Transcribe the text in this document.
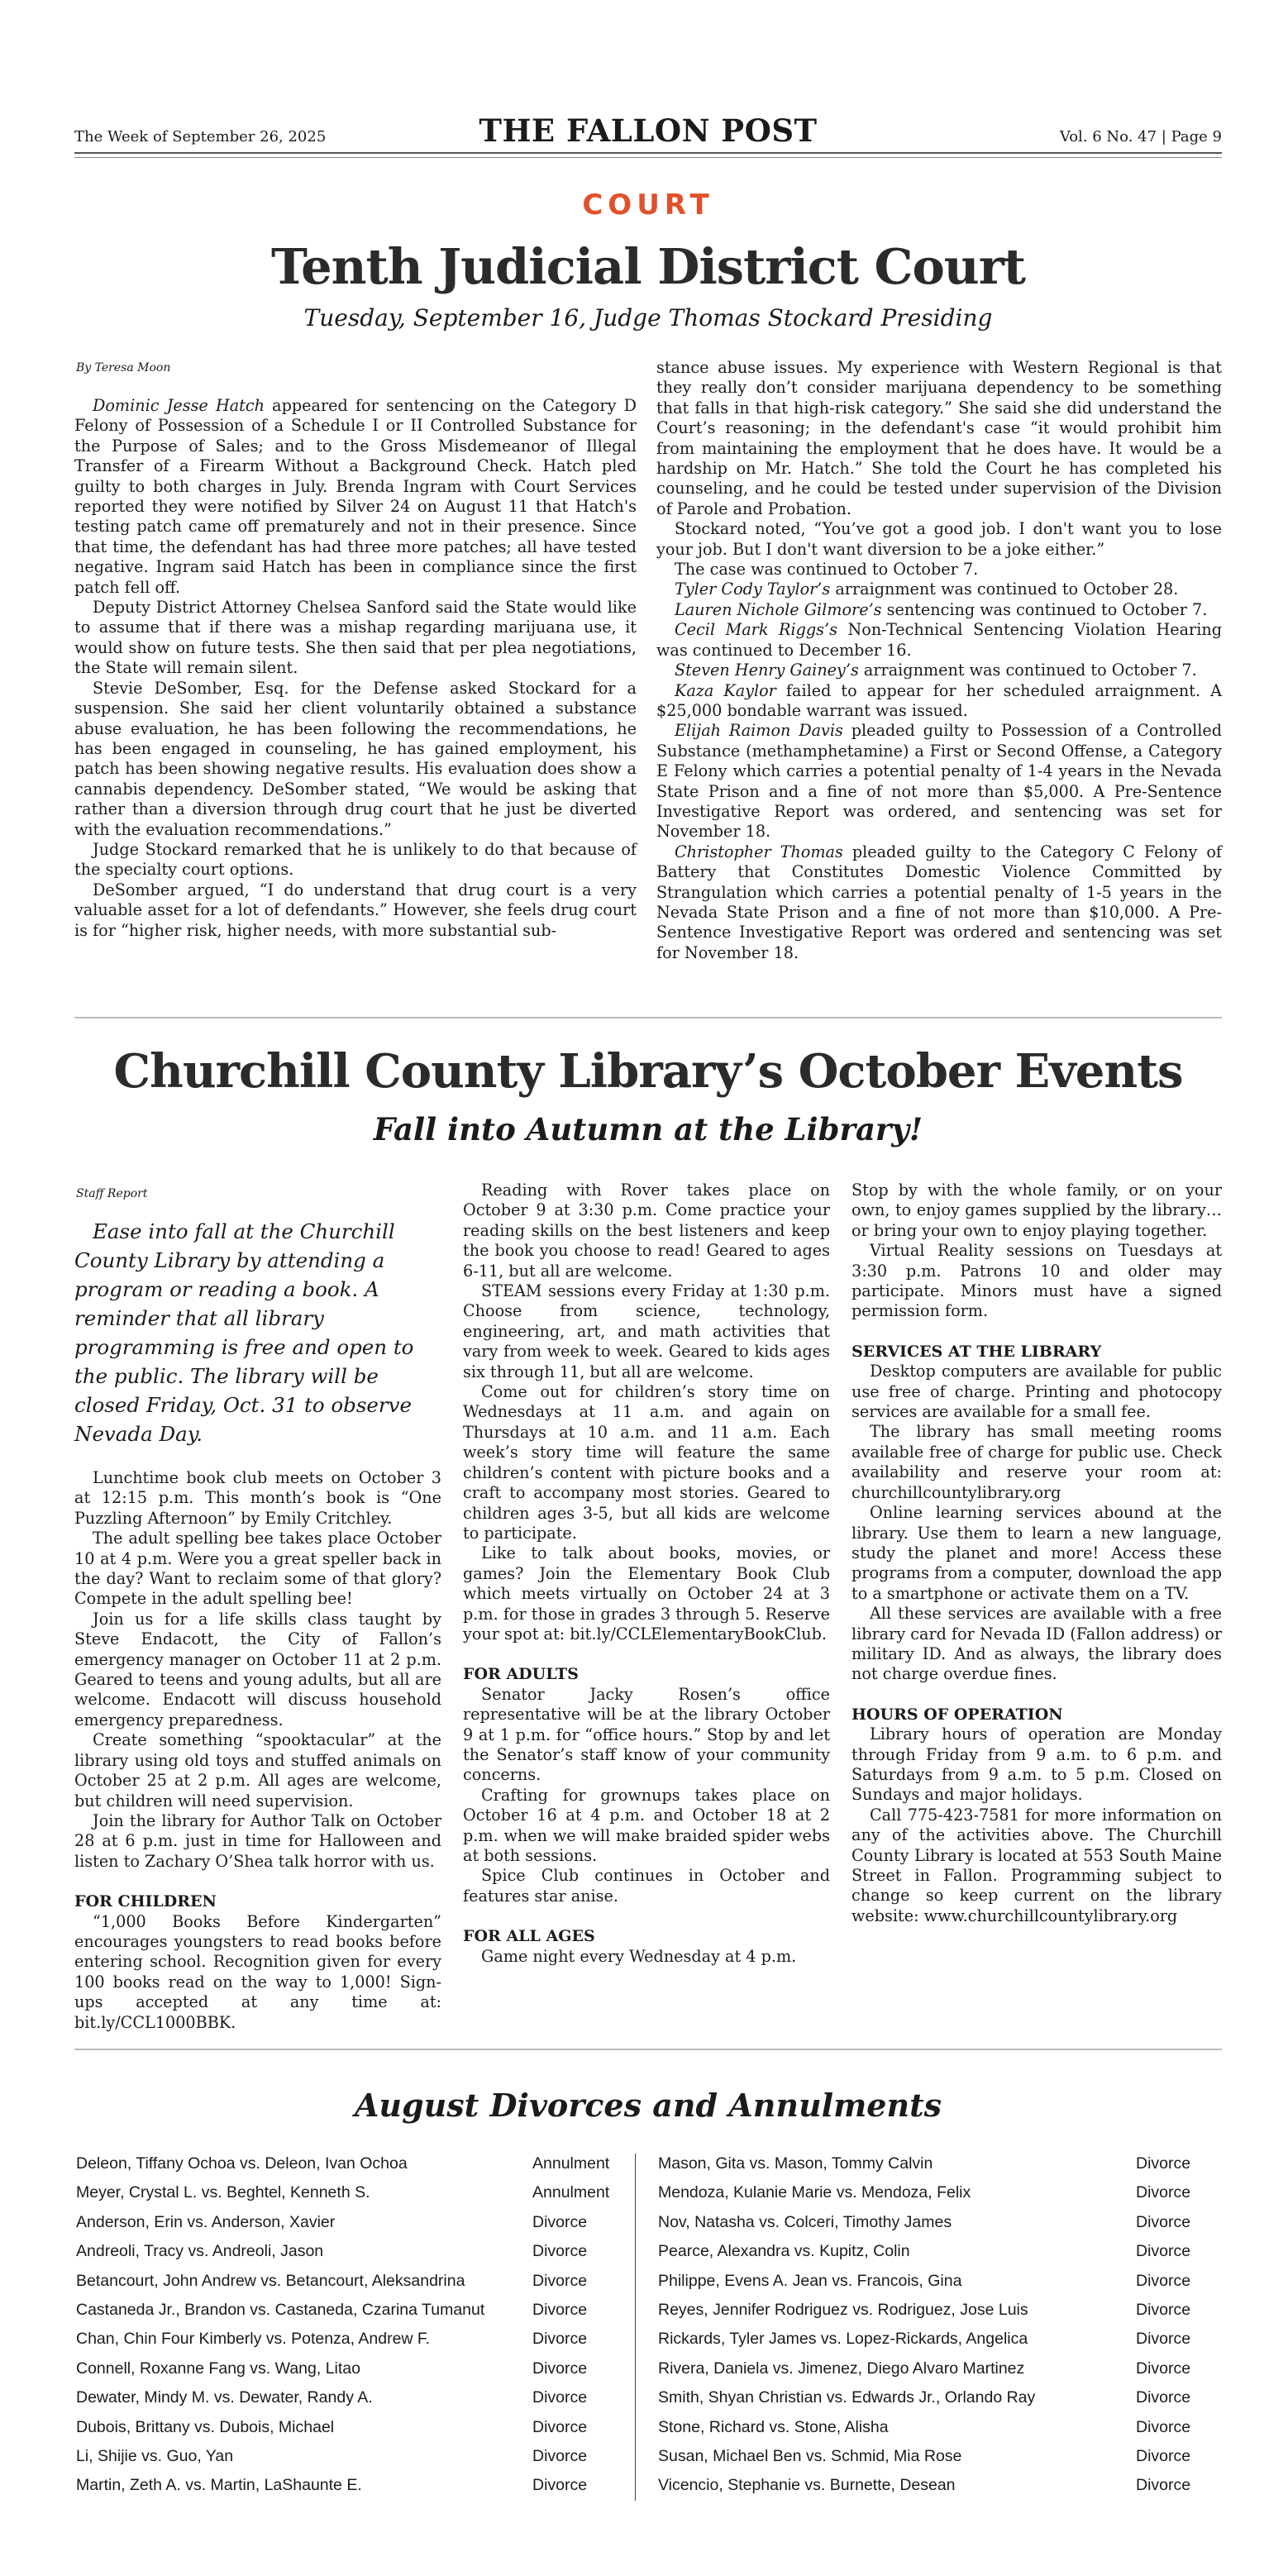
The Week of September 26, 2025	THE FALLON POST	Vol. 6 No. 47 | Page 9
COURT
Tenth Judicial District Court
Tuesday, September 16, Judge Thomas Stockard Presiding
By Teresa Moon

Dominic Jesse Hatch appeared for sentencing on the Category D Felony of Possession of a Schedule I or II Controlled Substance for the Purpose of Sales; and to the Gross Misdemeanor of Illegal Transfer of a Firearm Without a Background Check. Hatch pled guilty to both charges in July. Brenda Ingram with Court Services reported they were notified by Silver 24 on August 11 that Hatch's testing patch came off prematurely and not in their presence. Since that time, the defendant has had three more patches; all have tested negative. Ingram said Hatch has been in compliance since the first patch fell off.

Deputy District Attorney Chelsea Sanford said the State would like to assume that if there was a mishap regarding marijuana use, it would show on future tests. She then said that per plea negotiations, the State will remain silent.

Stevie DeSomber, Esq. for the Defense asked Stockard for a suspension. She said her client voluntarily obtained a substance abuse evaluation, he has been following the recommendations, he has been engaged in counseling, he has gained employment, his patch has been showing negative results. His evaluation does show a cannabis dependency. DeSomber stated, “We would be asking that rather than a diversion through drug court that he just be diverted with the evaluation recommendations.”

Judge Stockard remarked that he is unlikely to do that because of the specialty court options.

DeSomber argued, “I do understand that drug court is a very valuable asset for a lot of defendants.” However, she feels drug court is for “higher risk, higher needs, with more substantial sub-

stance abuse issues. My experience with Western Regional is that they really don’t consider marijuana dependency to be something that falls in that high-risk category.” She said she did understand the Court’s reasoning; in the defendant's case “it would prohibit him from maintaining the employment that he does have. It would be a hardship on Mr. Hatch.” She told the Court he has completed his counseling, and he could be tested under supervision of the Division of Parole and Probation.

Stockard noted, “You’ve got a good job. I don't want you to lose your job. But I don't want diversion to be a joke either.”

The case was continued to October 7.

Tyler Cody Taylor’s arraignment was continued to October 28.

Lauren Nichole Gilmore’s sentencing was continued to October 7.

Cecil Mark Riggs’s Non-Technical Sentencing Violation Hearing was continued to December 16.

Steven Henry Gainey’s arraignment was continued to October 7.

Kaza Kaylor failed to appear for her scheduled arraignment. A $25,000 bondable warrant was issued.

Elijah Raimon Davis pleaded guilty to Possession of a Controlled Substance (methamphetamine) a First or Second Offense, a Category E Felony which carries a potential penalty of 1-4 years in the Nevada State Prison and a fine of not more than $5,000. A Pre-Sentence Investigative Report was ordered, and sentencing was set for November 18.

Christopher Thomas pleaded guilty to the Category C Felony of Battery that Constitutes Domestic Violence Committed by Strangulation which carries a potential penalty of 1-5 years in the Nevada State Prison and a fine of not more than $10,000. A Pre-Sentence Investigative Report was ordered and sentencing was set for November 18.

Churchill County Library’s October Events
Fall into Autumn at the Library!
Staff Report

Ease into fall at the Churchill County Library by attending a program or reading a book. A reminder that all library programming is free and open to the public. The library will be closed Friday, Oct. 31 to observe Nevada Day.

Lunchtime book club meets on October 3 at 12:15 p.m. This month’s book is “One Puzzling Afternoon” by Emily Critchley.

The adult spelling bee takes place October 10 at 4 p.m. Were you a great speller back in the day? Want to reclaim some of that glory? Compete in the adult spelling bee!

Join us for a life skills class taught by Steve Endacott, the City of Fallon’s emergency manager on October 11 at 2 p.m. Geared to teens and young adults, but all are welcome. Endacott will discuss household emergency preparedness.

Create something “spooktacular” at the library using old toys and stuffed animals on October 25 at 2 p.m. All ages are welcome, but children will need supervision.

Join the library for Author Talk on October 28 at 6 p.m. just in time for Halloween and listen to Zachary O’Shea talk horror with us.

FOR CHILDREN

“1,000 Books Before Kindergarten” encourages youngsters to read books before entering school. Recognition given for every 100 books read on the way to 1,000! Sign-ups accepted at any time at: bit.ly/CCL1000BBK.

Reading with Rover takes place on October 9 at 3:30 p.m. Come practice your reading skills on the best listeners and keep the book you choose to read! Geared to ages 6-11, but all are welcome.

STEAM sessions every Friday at 1:30 p.m. Choose from science, technology, engineering, art, and math activities that vary from week to week. Geared to kids ages six through 11, but all are welcome.

Come out for children’s story time on Wednesdays at 11 a.m. and again on Thursdays at 10 a.m. and 11 a.m. Each week’s story time will feature the same children’s content with picture books and a craft to accompany most stories. Geared to children ages 3-5, but all kids are welcome to participate.

Like to talk about books, movies, or games? Join the Elementary Book Club which meets virtually on October 24 at 3 p.m. for those in grades 3 through 5. Reserve your spot at: bit.ly/CCLElementaryBookClub.

FOR ADULTS

Senator Jacky Rosen’s office representative will be at the library October 9 at 1 p.m. for “office hours.” Stop by and let the Senator’s staff know of your community concerns.

Crafting for grownups takes place on October 16 at 4 p.m. and October 18 at 2 p.m. when we will make braided spider webs at both sessions.

Spice Club continues in October and features star anise.

FOR ALL AGES

Game night every Wednesday at 4 p.m.

Stop by with the whole family, or on your own, to enjoy games supplied by the library…or bring your own to enjoy playing together.

Virtual Reality sessions on Tuesdays at 3:30 p.m. Patrons 10 and older may participate. Minors must have a signed permission form.

SERVICES AT THE LIBRARY

Desktop computers are available for public use free of charge. Printing and photocopy services are available for a small fee.

The library has small meeting rooms available free of charge for public use. Check availability and reserve your room at: churchillcountylibrary.org

Online learning services abound at the library. Use them to learn a new language, study the planet and more! Access these programs from a computer, download the app to a smartphone or activate them on a TV.

All these services are available with a free library card for Nevada ID (Fallon address) or military ID. And as always, the library does not charge overdue fines.

HOURS OF OPERATION

Library hours of operation are Monday through Friday from 9 a.m. to 6 p.m. and Saturdays from 9 a.m. to 5 p.m. Closed on Sundays and major holidays.

Call 775-423-7581 for more information on any of the activities above. The Churchill County Library is located at 553 South Maine Street in Fallon. Programming subject to change so keep current on the library website: www.churchillcountylibrary.org

August Divorces and Annulments
Deleon, Tiffany Ochoa vs. Deleon, Ivan Ochoa	Annulment
Meyer, Crystal L. vs. Beghtel, Kenneth S.	Annulment
Anderson, Erin vs. Anderson, Xavier	Divorce
Andreoli, Tracy vs. Andreoli, Jason	Divorce
Betancourt, John Andrew vs. Betancourt, Aleksandrina	Divorce
Castaneda Jr., Brandon vs. Castaneda, Czarina Tumanut	Divorce
Chan, Chin Four Kimberly vs. Potenza, Andrew F.	Divorce
Connell, Roxanne Fang vs. Wang, Litao	Divorce
Dewater, Mindy M. vs. Dewater, Randy A.	Divorce
Dubois, Brittany vs. Dubois, Michael	Divorce
Li, Shijie vs. Guo, Yan	Divorce
Martin, Zeth A. vs. Martin, LaShaunte E.	Divorce
Mason, Gita vs. Mason, Tommy Calvin	Divorce
Mendoza, Kulanie Marie vs. Mendoza, Felix	Divorce
Nov, Natasha vs. Colceri, Timothy James	Divorce
Pearce, Alexandra vs. Kupitz, Colin	Divorce
Philippe, Evens A. Jean vs. Francois, Gina	Divorce
Reyes, Jennifer Rodriguez vs. Rodriguez, Jose Luis	Divorce
Rickards, Tyler James vs. Lopez-Rickards, Angelica	Divorce
Rivera, Daniela vs. Jimenez, Diego Alvaro Martinez	Divorce
Smith, Shyan Christian vs. Edwards Jr., Orlando Ray	Divorce
Stone, Richard vs. Stone, Alisha	Divorce
Susan, Michael Ben vs. Schmid, Mia Rose	Divorce
Vicencio, Stephanie vs. Burnette, Desean	Divorce
